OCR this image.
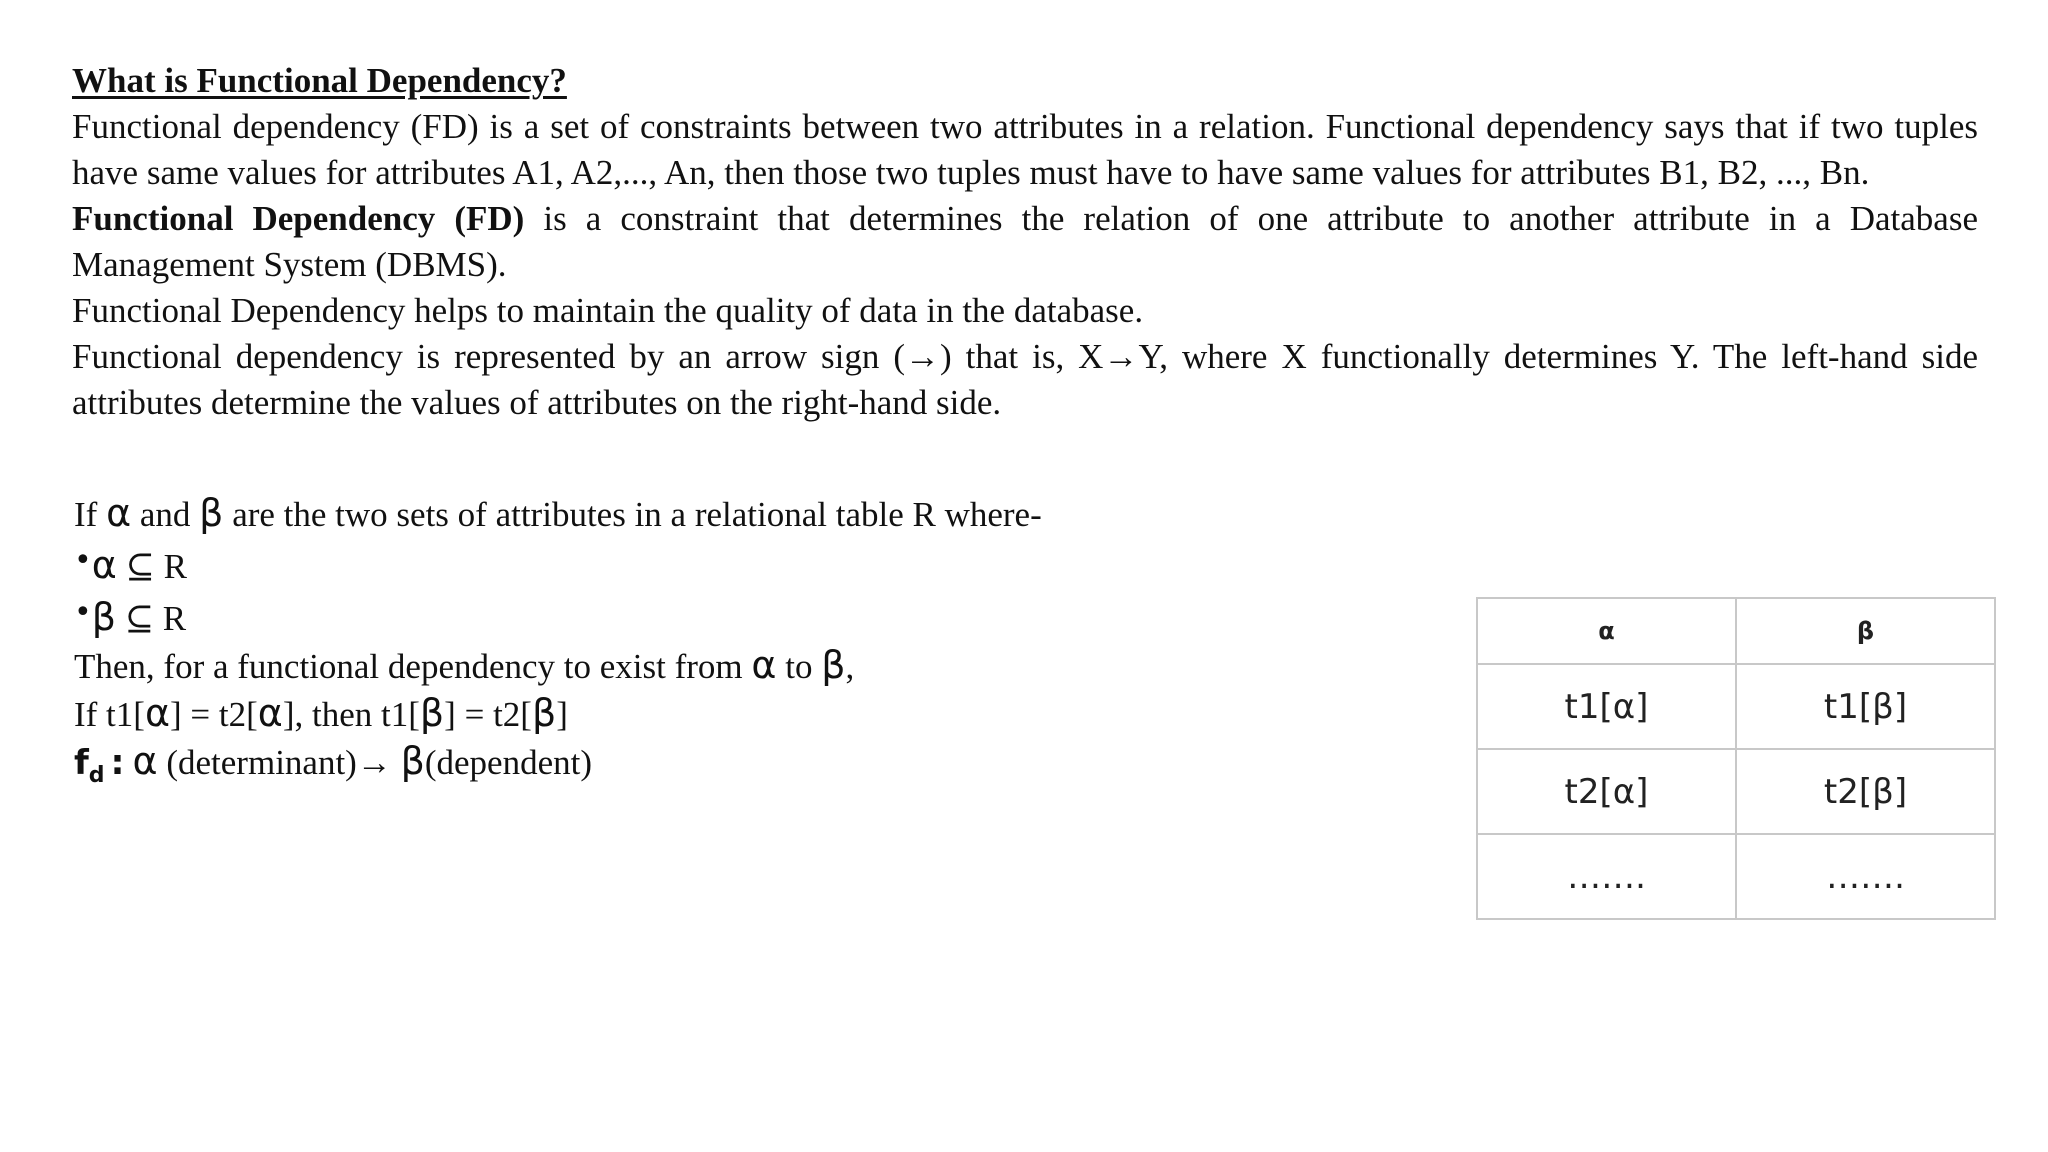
What is Functional Dependency?
Functional dependency (FD) is a set of constraints between two attributes in a relation. Functional dependency says that if two tuples have same values for attributes A1, A2,..., An, then those two tuples must have to have same values for attributes B1, B2, ..., Bn.
Functional Dependency (FD) is a constraint that determines the relation of one attribute to another attribute in a Database Management System (DBMS).
Functional Dependency helps to maintain the quality of data in the database.
Functional dependency is represented by an arrow sign (→) that is, X→Y, where X functionally determines Y. The left-hand side attributes determine the values of attributes on the right-hand side.
If α and β are the two sets of attributes in a relational table R where-
•α ⊆ R
•β ⊆ R
Then, for a functional dependency to exist from α to β,
If t1[α] = t2[α], then t1[β] = t2[β]
$f_d$ : α (determinant)→ β(dependent)
α	β
t1[α]	t1[β]
t2[α]	t2[β]
…….	…….
